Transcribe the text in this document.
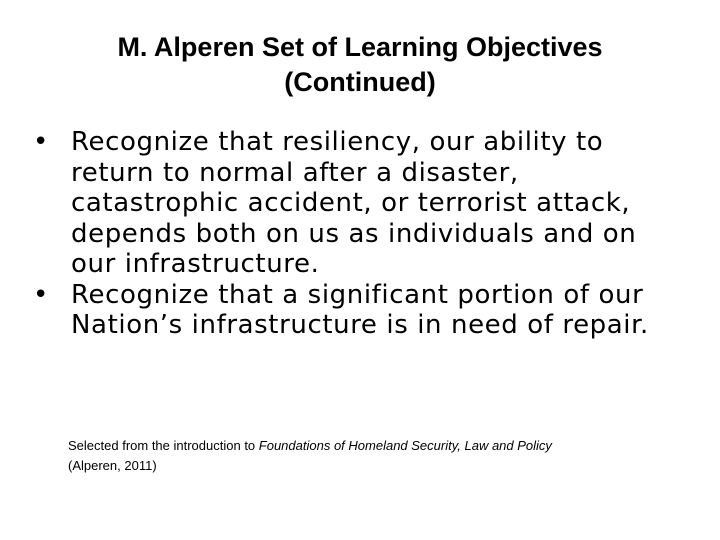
M. Alperen Set of Learning Objectives
(Continued)
• Recognize that resiliency, our ability to return to normal after a disaster, catastrophic accident, or terrorist attack, depends both on us as individuals and on our infrastructure.
• Recognize that a significant portion of our Nation’s infrastructure is in need of repair.

Selected from the introduction to Foundations of Homeland Security, Law and Policy
(Alperen, 2011)
